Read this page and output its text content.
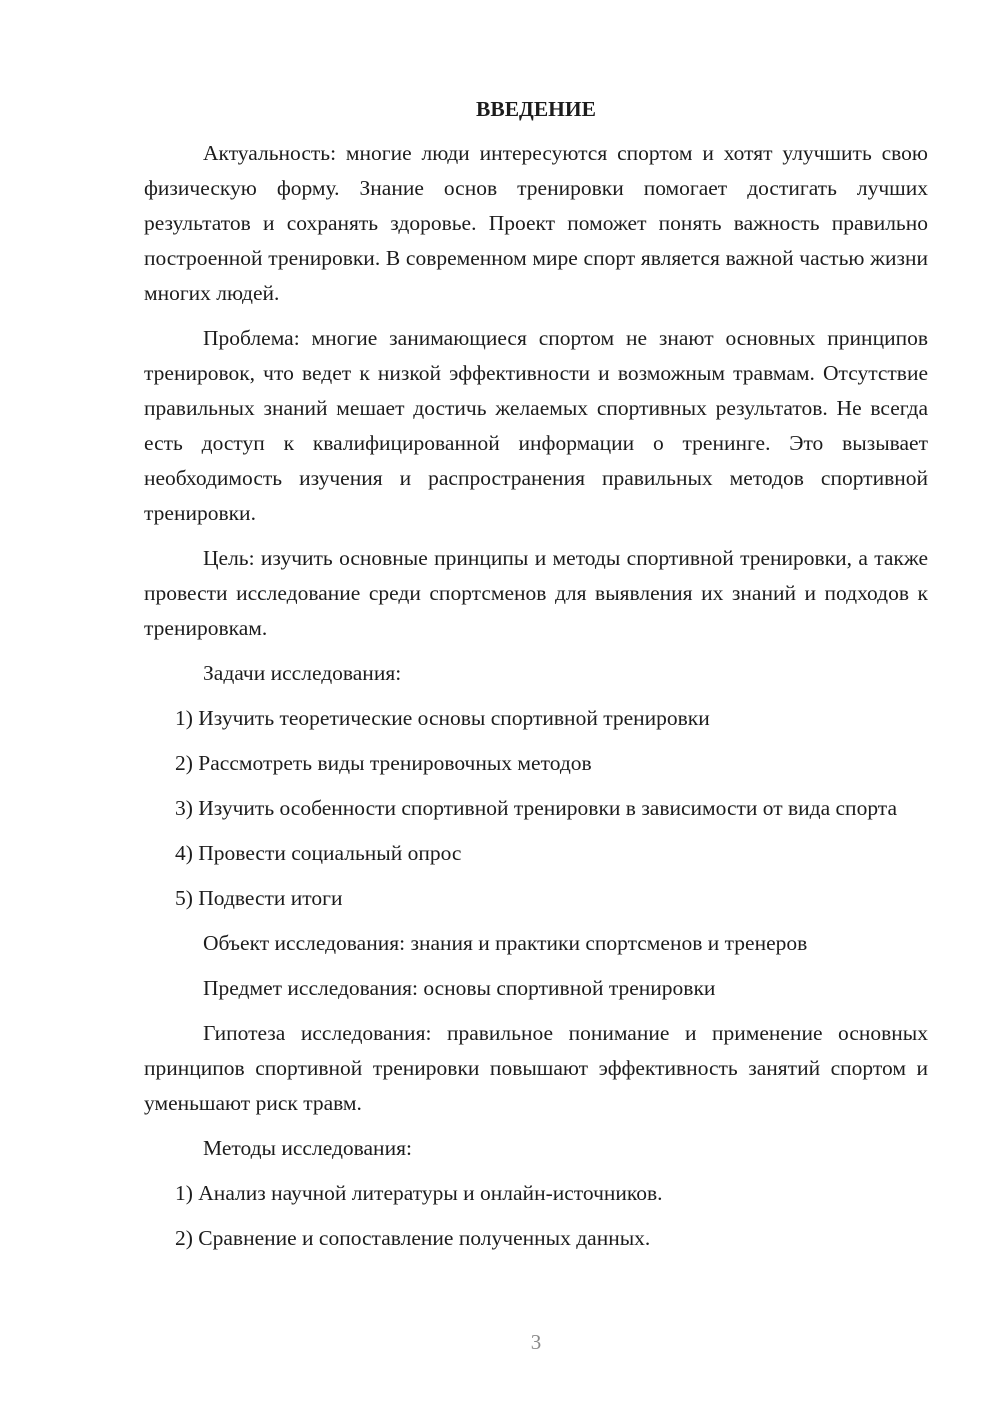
ВВЕДЕНИЕ

Актуальность: многие люди интересуются спортом и хотят улучшить свою физическую форму. Знание основ тренировки помогает достигать лучших результатов и сохранять здоровье. Проект поможет понять важность правильно построенной тренировки. В современном мире спорт является важной частью жизни многих людей.

Проблема: многие занимающиеся спортом не знают основных принципов тренировок, что ведет к низкой эффективности и возможным травмам. Отсутствие правильных знаний мешает достичь желаемых спортивных результатов. Не всегда есть доступ к квалифицированной информации о тренинге. Это вызывает необходимость изучения и распространения правильных методов спортивной тренировки.

Цель: изучить основные принципы и методы спортивной тренировки, а также провести исследование среди спортсменов для выявления их знаний и подходов к тренировкам.

Задачи исследования:

1) Изучить теоретические основы спортивной тренировки

2) Рассмотреть виды тренировочных методов

3) Изучить особенности спортивной тренировки в зависимости от вида спорта

4) Провести социальный опрос

5) Подвести итоги

Объект исследования: знания и практики спортсменов и тренеров

Предмет исследования: основы спортивной тренировки

Гипотеза исследования: правильное понимание и применение основных принципов спортивной тренировки повышают эффективность занятий спортом и уменьшают риск травм.

Методы исследования:

1) Анализ научной литературы и онлайн-источников.

2) Сравнение и сопоставление полученных данных.

3
